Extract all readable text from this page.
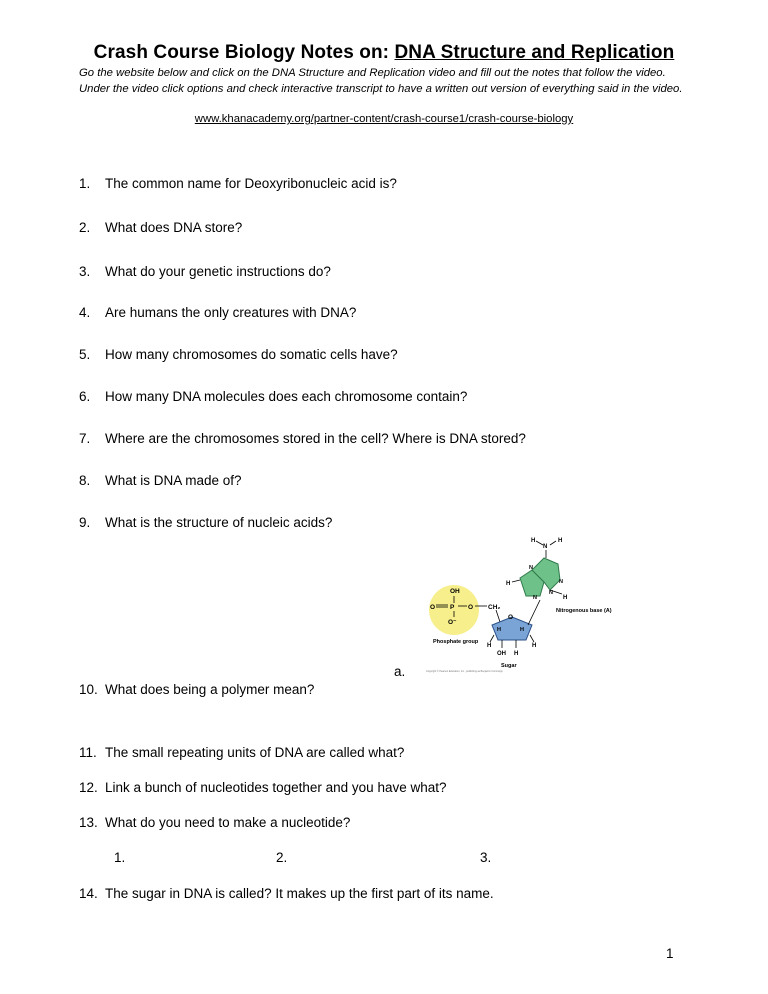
Crash Course Biology Notes on: DNA Structure and Replication
Go the website below and click on the DNA Structure and Replication video and fill out the notes that follow the video. Under the video click options and check interactive transcript to have a written out version of everything said in the video.
www.khanacademy.org/partner-content/crash-course1/crash-course-biology
1. The common name for Deoxyribonucleic acid is?
2. What does DNA store?
3. What do your genetic instructions do?
4. Are humans the only creatures with DNA?
5. How many chromosomes do somatic cells have?
6. How many DNA molecules does each chromosome contain?
7. Where are the chromosomes stored in the cell? Where is DNA stored?
8. What is DNA made of?
9. What is the structure of nucleic acids?
OH
O P O
O⁻
Phosphate group
CH₂
O
H	H
H	H
OH H
Sugar
N
N
N
N
H
H
N
H	H
Nitrogenous base (A)
Copyright © Pearson Education, Inc., publishing as Benjamin Cummings
a.
10. What does being a polymer mean?
11. The small repeating units of DNA are called what?
12. Link a bunch of nucleotides together and you have what?
13. What do you need to make a nucleotide?
1.	2.	3.
14. The sugar in DNA is called? It makes up the first part of its name.
1
